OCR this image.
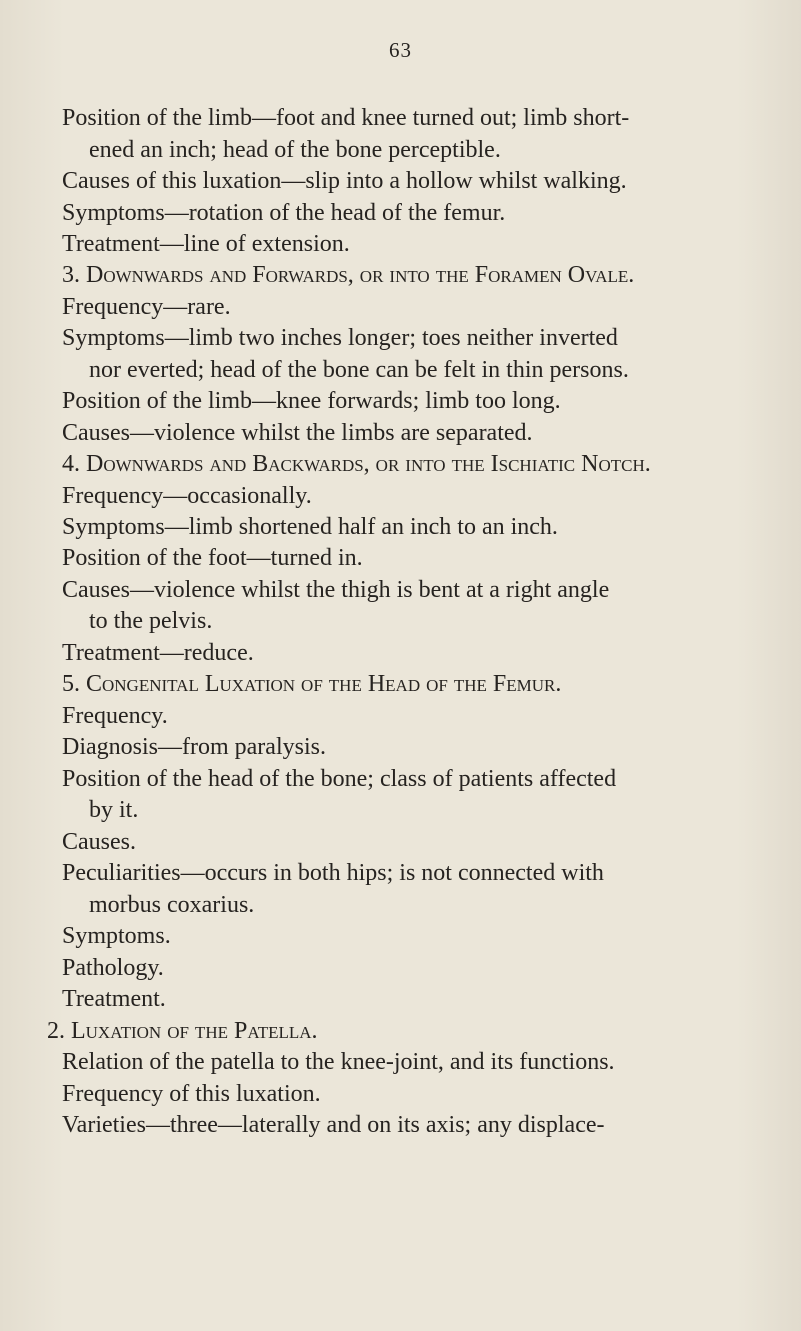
63
Position of the limb—foot and knee turned out; limb short-
ened an inch; head of the bone perceptible.
Causes of this luxation—slip into a hollow whilst walking.
Symptoms—rotation of the head of the femur.
Treatment—line of extension.
3. Downwards and Forwards, or into the Foramen Ovale.
Frequency—rare.
Symptoms—limb two inches longer; toes neither inverted
nor everted; head of the bone can be felt in thin persons.
Position of the limb—knee forwards; limb too long.
Causes—violence whilst the limbs are separated.
4. Downwards and Backwards, or into the Ischiatic Notch.
Frequency—occasionally.
Symptoms—limb shortened half an inch to an inch.
Position of the foot—turned in.
Causes—violence whilst the thigh is bent at a right angle
to the pelvis.
Treatment—reduce.
5. Congenital Luxation of the Head of the Femur.
Frequency.
Diagnosis—from paralysis.
Position of the head of the bone; class of patients affected
by it.
Causes.
Peculiarities—occurs in both hips; is not connected with
morbus coxarius.
Symptoms.
Pathology.
Treatment.
2. Luxation of the Patella.
Relation of the patella to the knee-joint, and its functions.
Frequency of this luxation.
Varieties—three—laterally and on its axis; any displace-
